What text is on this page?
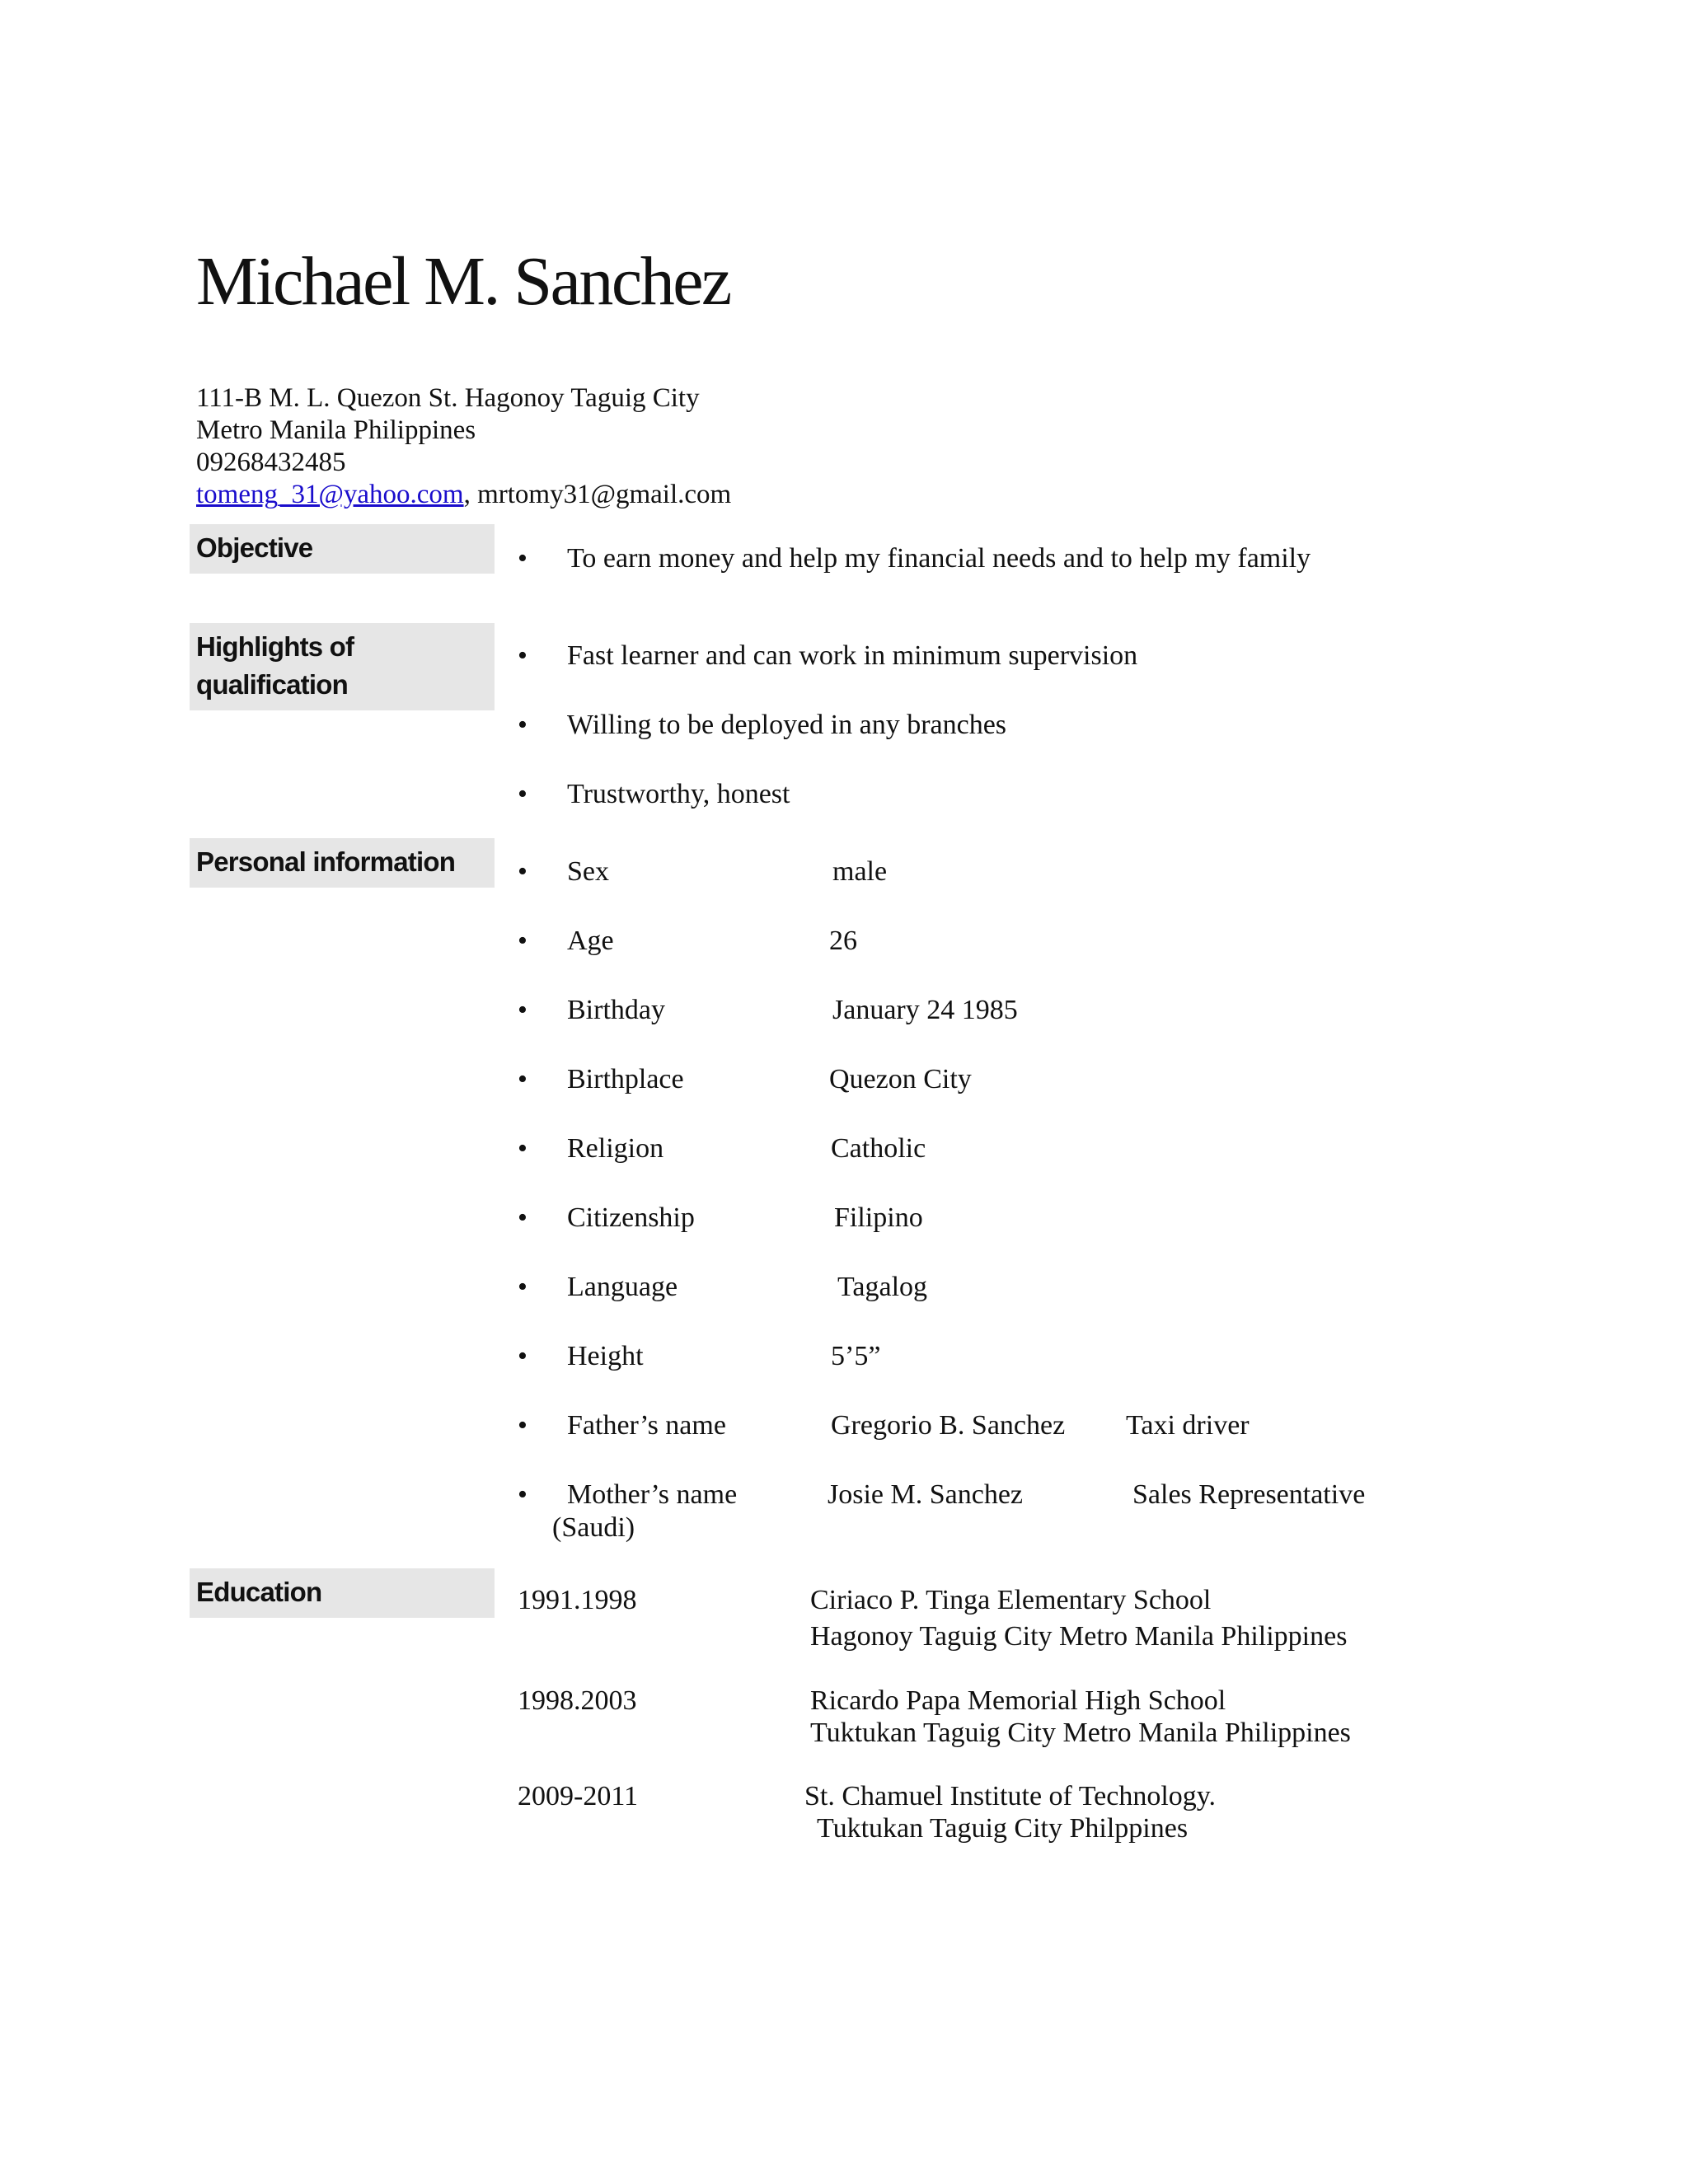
Michael M. Sanchez
111-B M. L. Quezon St. Hagonoy Taguig City
Metro Manila Philippines
09268432485
tomeng_31@yahoo.com, mrtomy31@gmail.com
Objective	• To earn money and help my financial needs and to help my family
Highlights of
qualification
• Fast learner and can work in minimum supervision
• Willing to be deployed in any branches
• Trustworthy, honest
Personal information	• Sex	male
• Age	26
• Birthday	January 24 1985
• Birthplace	Quezon City
• Religion	Catholic
• Citizenship	Filipino
• Language	Tagalog
• Height	5’5”
• Father’s name	Gregorio B. Sanchez Taxi driver
• Mother’s name	Josie M. Sanchez	Sales Representative
(Saudi)
Education	1991.1998	Ciriaco P. Tinga Elementary School
Hagonoy Taguig City Metro Manila Philippines
1998.2003	Ricardo Papa Memorial High School
Tuktukan Taguig City Metro Manila Philippines
2009-2011	St. Chamuel Institute of Technology.
Tuktukan Taguig City Philppines
